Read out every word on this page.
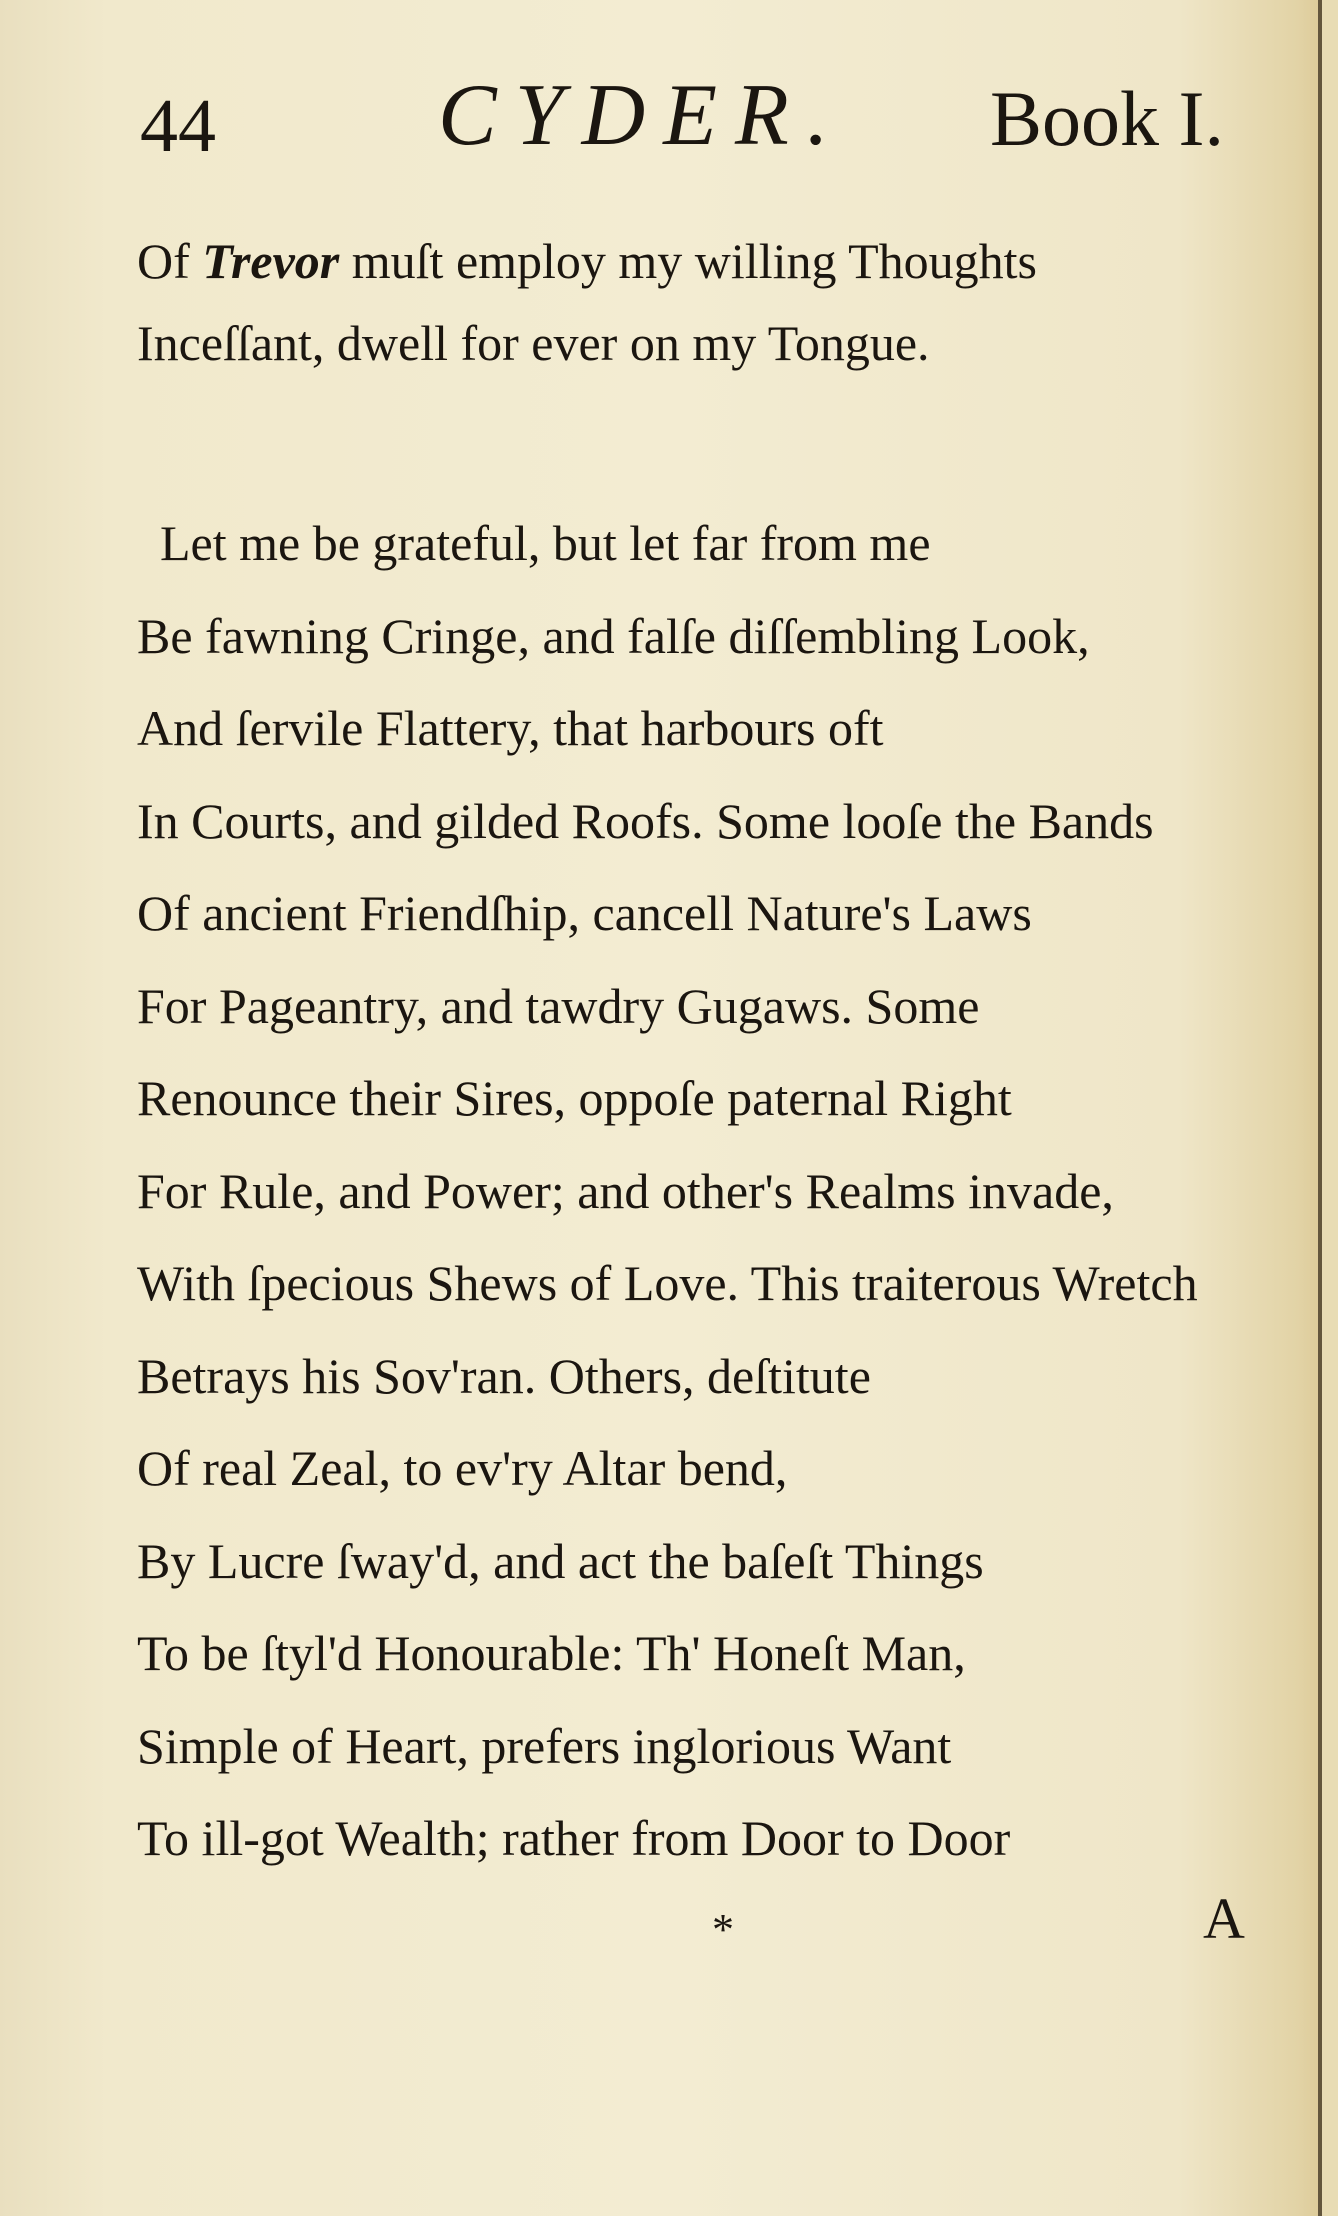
44	CYDER. Book I.
Of Trevor muſt employ my willing Thoughts
Inceſſant, dwell for ever on my Tongue.
Let me be grateful, but let far from me
Be fawning Cringe, and falſe diſſembling Look,
And ſervile Flattery, that harbours oft
In Courts, and gilded Roofs. Some looſe the Bands
Of ancient Friendſhip, cancell Nature's Laws
For Pageantry, and tawdry Gugaws. Some
Renounce their Sires, oppoſe paternal Right
For Rule, and Power; and other's Realms invade,
With ſpecious Shews of Love. This traiterous Wretch
Betrays his Sov'ran. Others, deſtitute
Of real Zeal, to ev'ry Altar bend,
By Lucre ſway'd, and act the baſeſt Things
To be ſtyl'd Honourable: Th' Honeſt Man,
Simple of Heart, prefers inglorious Want
To ill-got Wealth; rather from Door to Door
*	A
